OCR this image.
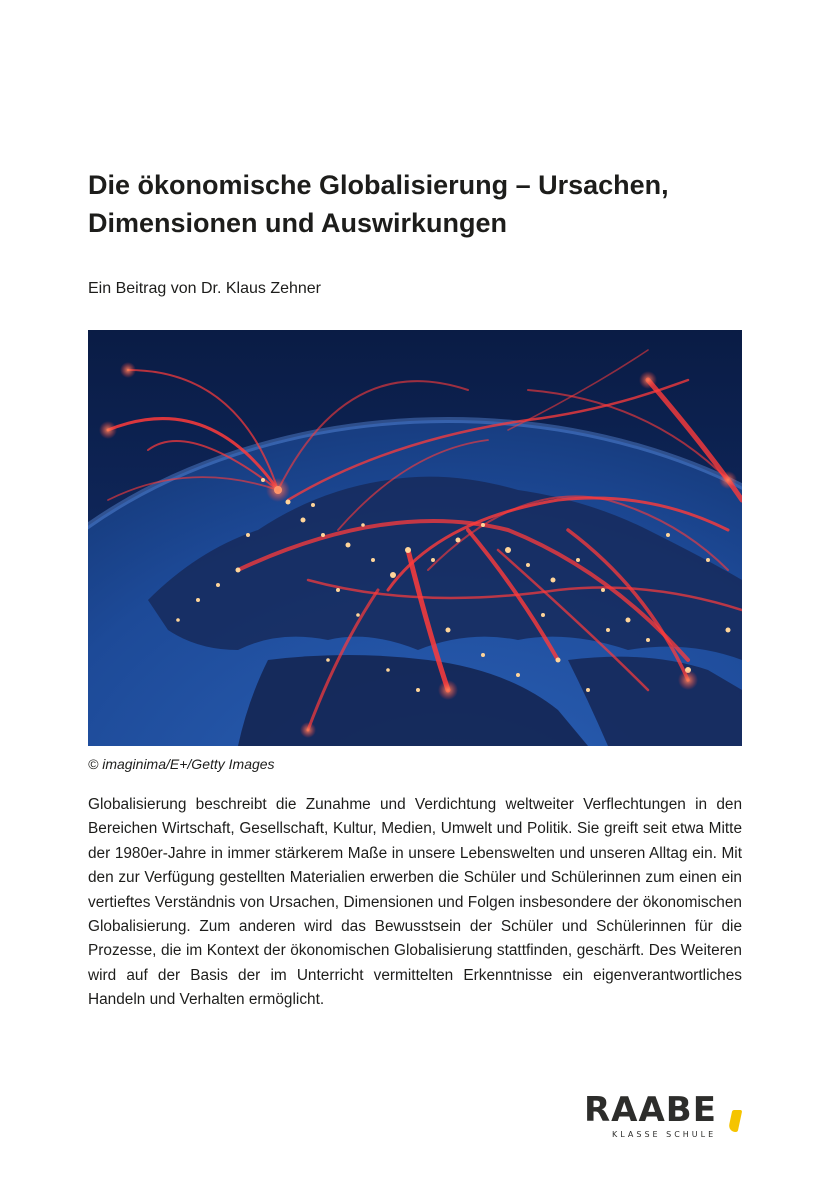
Die ökonomische Globalisierung – Ursachen,
Dimensionen und Auswirkungen
Ein Beitrag von Dr. Klaus Zehner
© imaginima/E+/Getty Images

Globalisierung beschreibt die Zunahme und Verdichtung weltweiter Verflechtungen in den Bereichen Wirtschaft, Gesellschaft, Kultur, Medien, Umwelt und Politik. Sie greift seit etwa Mitte der 1980er-Jahre in immer stärkerem Maße in unsere Lebenswelten und unseren Alltag ein. Mit den zur Verfügung gestellten Materialien erwerben die Schüler und Schülerinnen zum einen ein vertieftes Verständnis von Ursachen, Dimensionen und Folgen insbesondere der ökonomischen Globalisierung. Zum anderen wird das Bewusstsein der Schüler und Schülerinnen für die Prozesse, die im Kontext der ökonomischen Globalisierung stattfinden, geschärft. Des Weiteren wird auf der Basis der im Unterricht vermittelten Erkenntnisse ein eigenverantwortliches Handeln und Verhalten ermöglicht.

RAABE
KLASSE SCHULE
